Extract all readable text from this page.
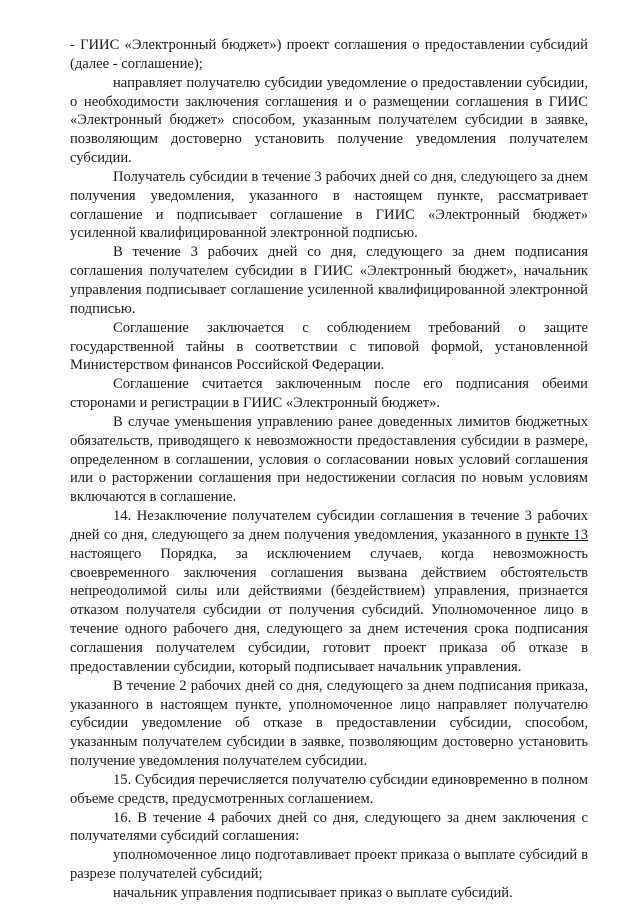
- ГИИС «Электронный бюджет») проект соглашения о предоставлении субсидий (далее - соглашение);

направляет получателю субсидии уведомление о предоставлении субсидии, о необходимости заключения соглашения и о размещении соглашения в ГИИС «Электронный бюджет» способом, указанным получателем субсидии в заявке, позволяющим достоверно установить получение уведомления получателем субсидии.

Получатель субсидии в течение 3 рабочих дней со дня, следующего за днем получения уведомления, указанного в настоящем пункте, рассматривает соглашение и подписывает соглашение в ГИИС «Электронный бюджет» усиленной квалифицированной электронной подписью.

В течение 3 рабочих дней со дня, следующего за днем подписания соглашения получателем субсидии в ГИИС «Электронный бюджет», начальник управления подписывает соглашение усиленной квалифицированной электронной подписью.

Соглашение заключается с соблюдением требований о защите государственной тайны в соответствии с типовой формой, установленной Министерством финансов Российской Федерации.

Соглашение считается заключенным после его подписания обеими сторонами и регистрации в ГИИС «Электронный бюджет».

В случае уменьшения управлению ранее доведенных лимитов бюджетных обязательств, приводящего к невозможности предоставления субсидии в размере, определенном в соглашении, условия о согласовании новых условий соглашения или о расторжении соглашения при недостижении согласия по новым условиям включаются в соглашение.

14. Незаключение получателем субсидии соглашения в течение 3 рабочих дней со дня, следующего за днем получения уведомления, указанного в пункте 13 настоящего Порядка, за исключением случаев, когда невозможность своевременного заключения соглашения вызвана действием обстоятельств непреодолимой силы или действиями (бездействием) управления, признается отказом получателя субсидии от получения субсидий. Уполномоченное лицо в течение одного рабочего дня, следующего за днем истечения срока подписания соглашения получателем субсидии, готовит проект приказа об отказе в предоставлении субсидии, который подписывает начальник управления.

В течение 2 рабочих дней со дня, следующего за днем подписания приказа, указанного в настоящем пункте, уполномоченное лицо направляет получателю субсидии уведомление об отказе в предоставлении субсидии, способом, указанным получателем субсидии в заявке, позволяющим достоверно установить получение уведомления получателем субсидии.

15. Субсидия перечисляется получателю субсидии единовременно в полном объеме средств, предусмотренных соглашением.

16. В течение 4 рабочих дней со дня, следующего за днем заключения с получателями субсидий соглашения:

уполномоченное лицо подготавливает проект приказа о выплате субсидий в разрезе получателей субсидий;

начальник управления подписывает приказ о выплате субсидий.
